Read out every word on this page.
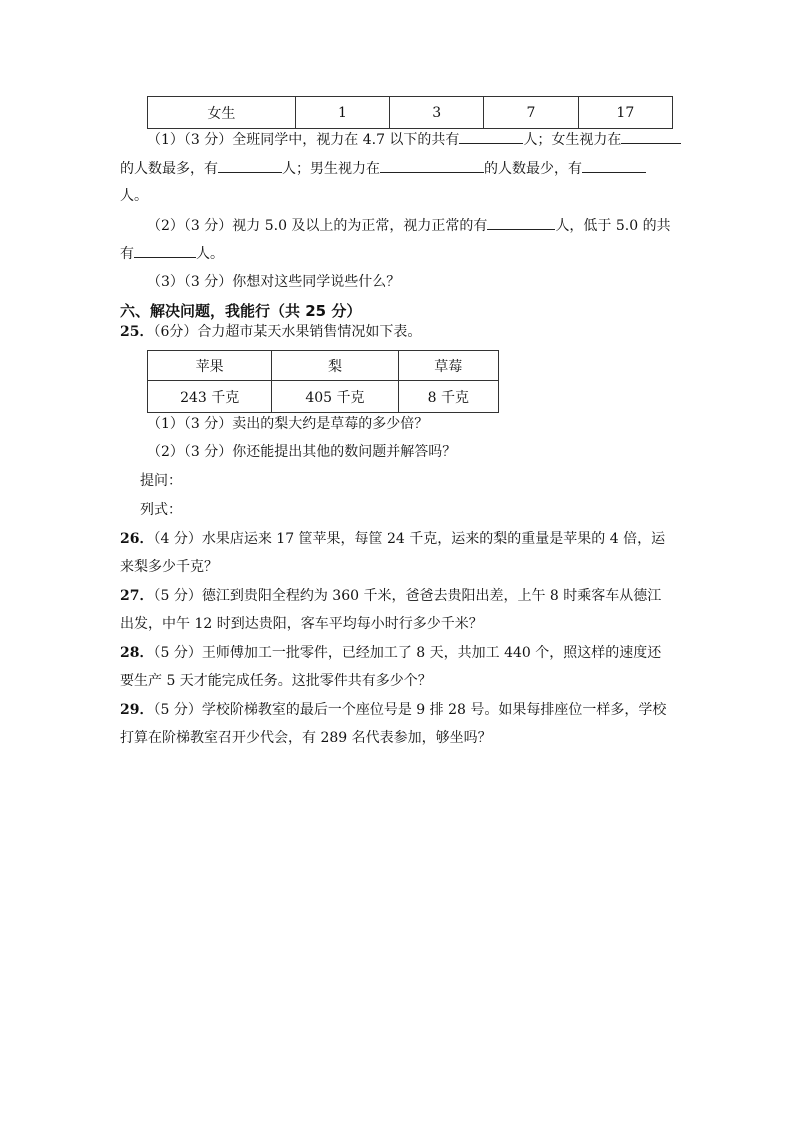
女生	1	3	7	17
（1）（3 分）全班同学中，视力在 4.7 以下的共有	人；女生视力在
的人数最多，有	人；男生视力在	的人数最少，有
人。
（2）（3 分）视力 5.0 及以上的为正常，视力正常的有	人，低于 5.0 的共
有	人。
（3）（3 分）你想对这些同学说些什么？
六、解决问题，我能行（共 25 分）
25．（6分）合力超市某天水果销售情况如下表。
苹果	梨	草莓
243 千克	405 千克	8 千克
（1）（3 分）卖出的梨大约是草莓的多少倍？
（2）（3 分）你还能提出其他的数问题并解答吗？
提问：
列式：
26．（4 分）水果店运来 17 筐苹果，每筐 24 千克，运来的梨的重量是苹果的 4 倍，运
来梨多少千克？
27．（5 分）德江到贵阳全程约为 360 千米，爸爸去贵阳出差，上午 8 时乘客车从德江
出发，中午 12 时到达贵阳，客车平均每小时行多少千米？
28．（5 分）王师傅加工一批零件，已经加工了 8 天，共加工 440 个，照这样的速度还
要生产 5 天才能完成任务。这批零件共有多少个？
29．（5 分）学校阶梯教室的最后一个座位号是 9 排 28 号。如果每排座位一样多，学校
打算在阶梯教室召开少代会，有 289 名代表参加，够坐吗？
